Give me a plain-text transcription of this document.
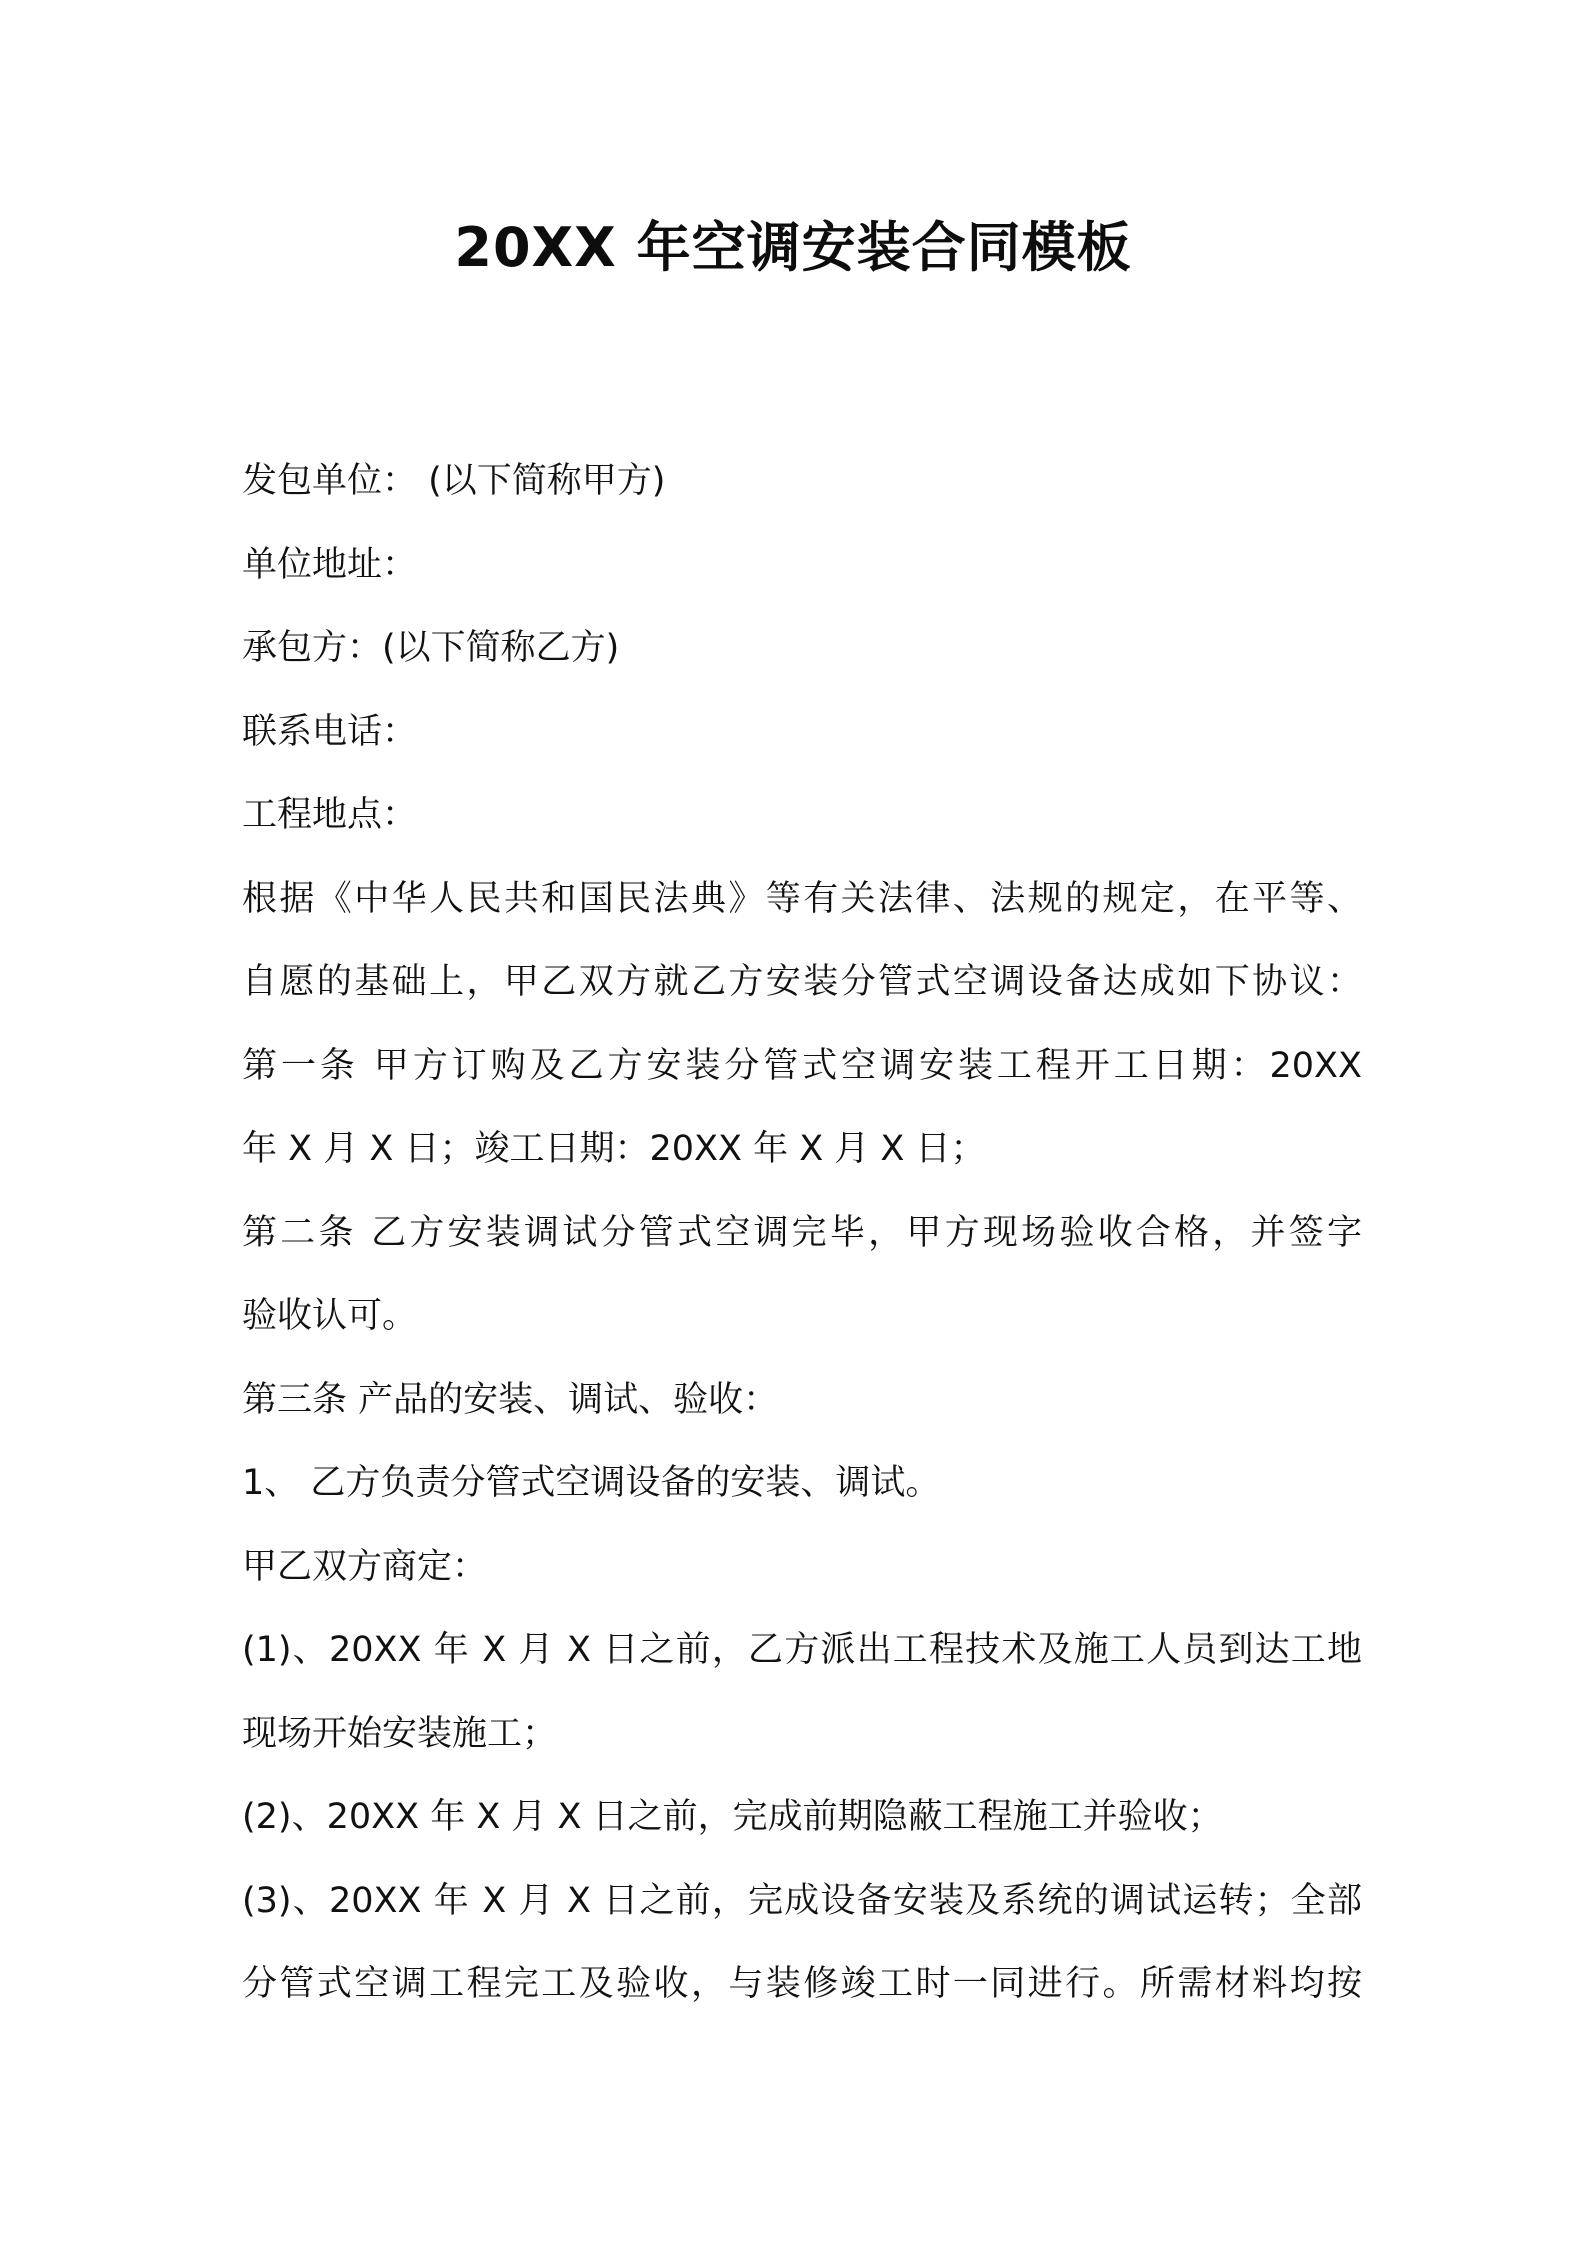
20XX 年空调安装合同模板
发包单位： (以下简称甲方)
单位地址：
承包方：(以下简称乙方)
联系电话：
工程地点：
根据《中华人民共和国民法典》等有关法律、法规的规定，在平等、
自愿的基础上，甲乙双方就乙方安装分管式空调设备达成如下协议：
第一条 甲方订购及乙方安装分管式空调安装工程开工日期：20XX
年 X 月 X 日；竣工日期：20XX 年 X 月 X 日；
第二条 乙方安装调试分管式空调完毕，甲方现场验收合格，并签字
验收认可。
第三条 产品的安装、调试、验收：
1、 乙方负责分管式空调设备的安装、调试。
甲乙双方商定：
(1)、20XX 年 X 月 X 日之前，乙方派出工程技术及施工人员到达工地
现场开始安装施工；
(2)、20XX 年 X 月 X 日之前，完成前期隐蔽工程施工并验收；
(3)、20XX 年 X 月 X 日之前，完成设备安装及系统的调试运转；全部
分管式空调工程完工及验收，与装修竣工时一同进行。所需材料均按
